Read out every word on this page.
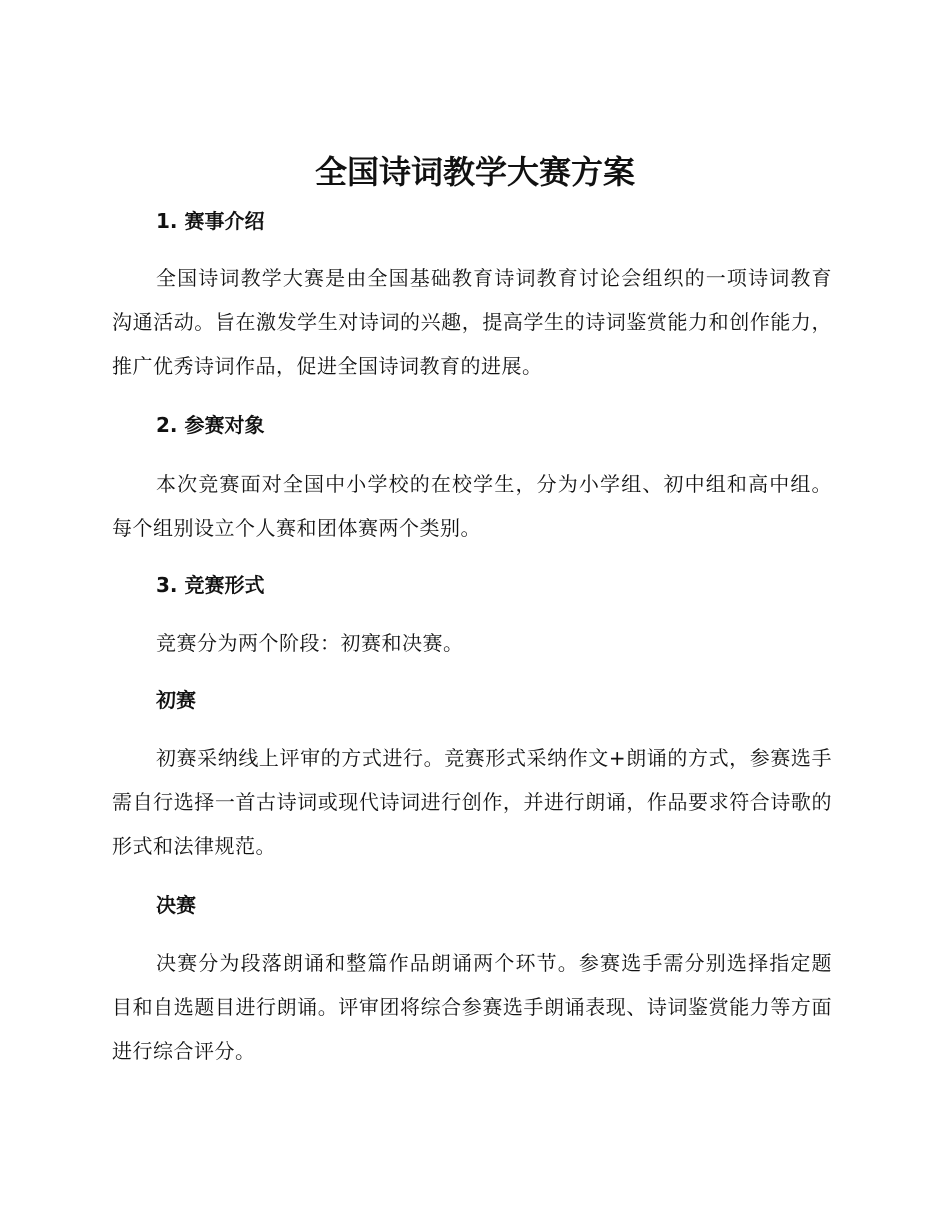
全国诗词教学大赛方案
1. 赛事介绍
全国诗词教学大赛是由全国基础教育诗词教育讨论会组织的一项诗词教育沟通活动。旨在激发学生对诗词的兴趣，提高学生的诗词鉴赏能力和创作能力，推广优秀诗词作品，促进全国诗词教育的进展。
2. 参赛对象
本次竞赛面对全国中小学校的在校学生，分为小学组、初中组和高中组。每个组别设立个人赛和团体赛两个类别。
3. 竞赛形式
竞赛分为两个阶段：初赛和决赛。
初赛
初赛采纳线上评审的方式进行。竞赛形式采纳作文+朗诵的方式，参赛选手需自行选择一首古诗词或现代诗词进行创作，并进行朗诵，作品要求符合诗歌的形式和法律规范。
决赛
决赛分为段落朗诵和整篇作品朗诵两个环节。参赛选手需分别选择指定题目和自选题目进行朗诵。评审团将综合参赛选手朗诵表现、诗词鉴赏能力等方面进行综合评分。
